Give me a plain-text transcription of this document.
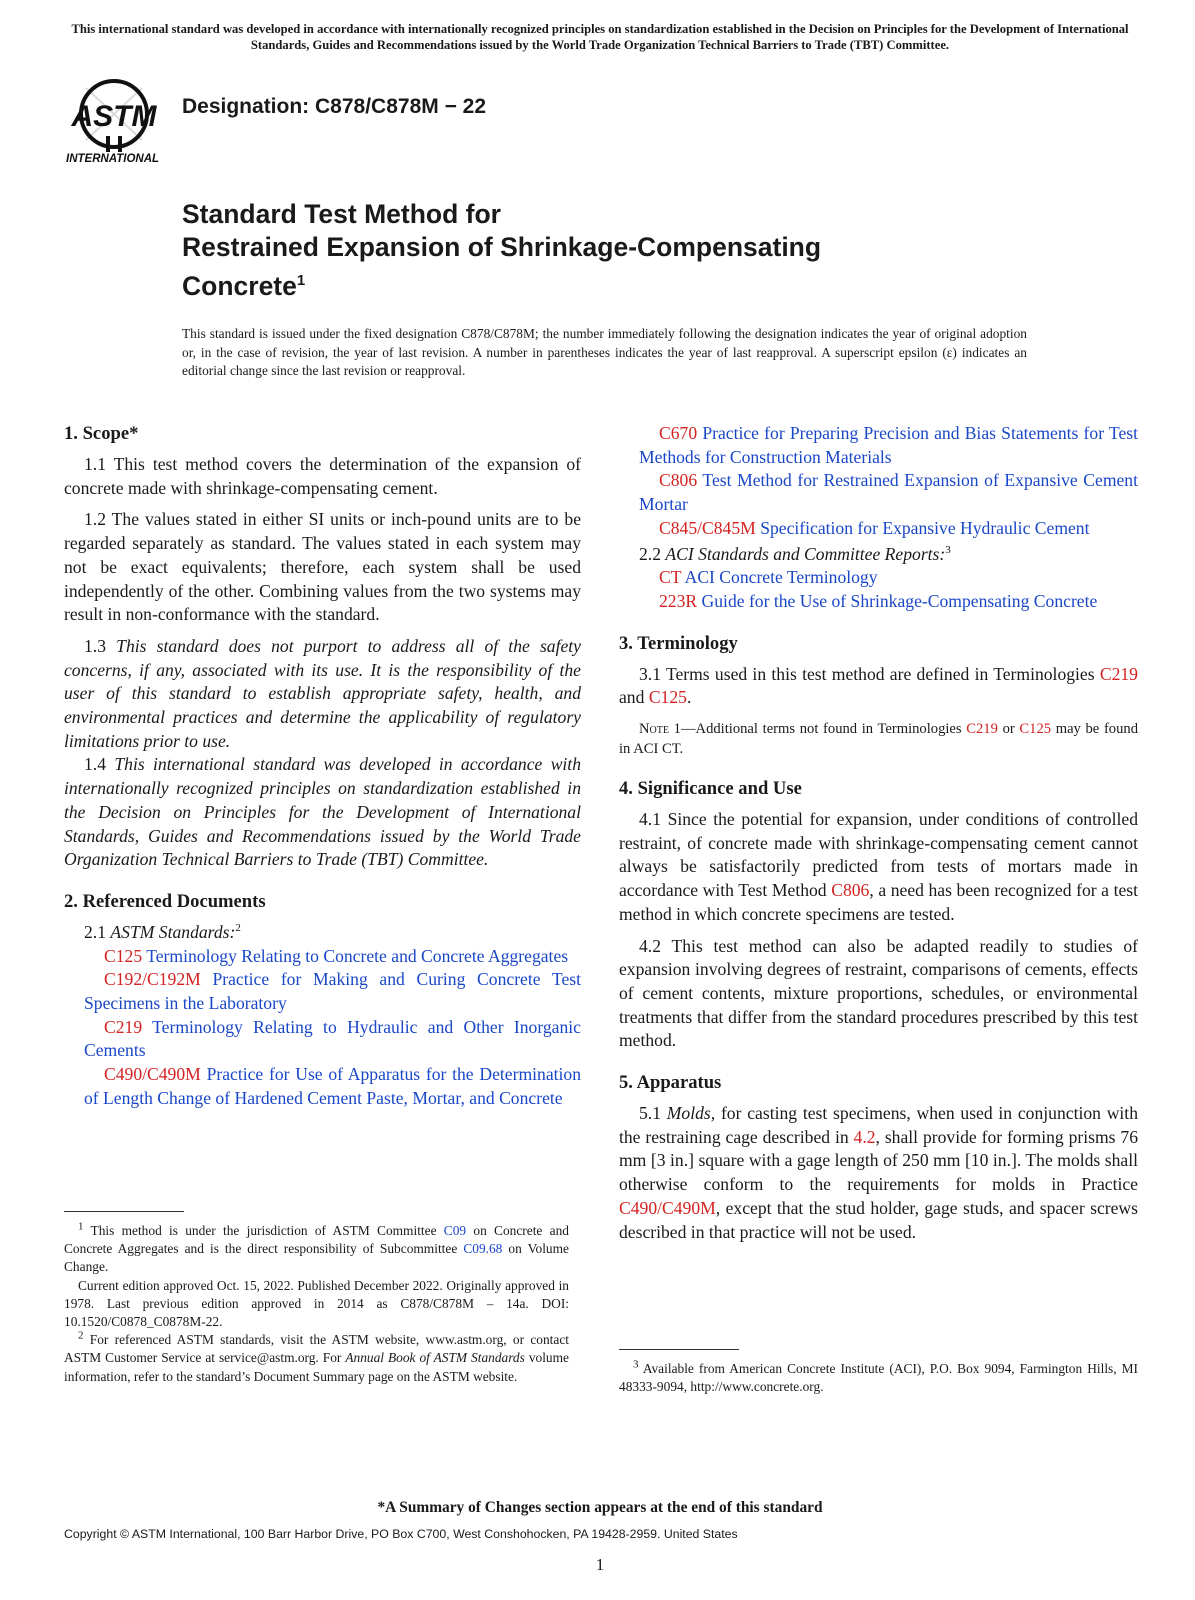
This international standard was developed in accordance with internationally recognized principles on standardization established in the Decision on Principles for the Development of International Standards, Guides and Recommendations issued by the World Trade Organization Technical Barriers to Trade (TBT) Committee.
ASTM
INTERNATIONAL
Designation: C878/C878M − 22
Standard Test Method for
Restrained Expansion of Shrinkage-Compensating
Concrete$^1$
This standard is issued under the fixed designation C878/C878M; the number immediately following the designation indicates the year of original adoption or, in the case of revision, the year of last revision. A number in parentheses indicates the year of last reapproval. A superscript epsilon (ε) indicates an editorial change since the last revision or reapproval.
1. Scope*

1.1 This test method covers the determination of the expansion of concrete made with shrinkage-compensating cement.

1.2 The values stated in either SI units or inch-pound units are to be regarded separately as standard. The values stated in each system may not be exact equivalents; therefore, each system shall be used independently of the other. Combining values from the two systems may result in non-conformance with the standard.

1.3 This standard does not purport to address all of the safety concerns, if any, associated with its use. It is the responsibility of the user of this standard to establish appropriate safety, health, and environmental practices and determine the applicability of regulatory limitations prior to use.

1.4 This international standard was developed in accordance with internationally recognized principles on standardization established in the Decision on Principles for the Development of International Standards, Guides and Recommendations issued by the World Trade Organization Technical Barriers to Trade (TBT) Committee.

2. Referenced Documents

2.1 ASTM Standards:$^2$

C125 Terminology Relating to Concrete and Concrete Aggregates

C192/C192M Practice for Making and Curing Concrete Test Specimens in the Laboratory

C219 Terminology Relating to Hydraulic and Other Inorganic Cements

C490/C490M Practice for Use of Apparatus for the Determination of Length Change of Hardened Cement Paste, Mortar, and Concrete

$^1$ This method is under the jurisdiction of ASTM Committee C09 on Concrete and Concrete Aggregates and is the direct responsibility of Subcommittee C09.68 on Volume Change.

Current edition approved Oct. 15, 2022. Published December 2022. Originally approved in 1978. Last previous edition approved in 2014 as C878/C878M – 14a. DOI: 10.1520/C0878_C0878M-22.

$^2$ For referenced ASTM standards, visit the ASTM website, www.astm.org, or contact ASTM Customer Service at service@astm.org. For Annual Book of ASTM Standards volume information, refer to the standard’s Document Summary page on the ASTM website.

C670 Practice for Preparing Precision and Bias Statements for Test Methods for Construction Materials

C806 Test Method for Restrained Expansion of Expansive Cement Mortar

C845/C845M Specification for Expansive Hydraulic Cement

2.2 ACI Standards and Committee Reports:$^3$

CT ACI Concrete Terminology

223R Guide for the Use of Shrinkage-Compensating Concrete

3. Terminology

3.1 Terms used in this test method are defined in Terminologies C219 and C125.

Note 1—Additional terms not found in Terminologies C219 or C125 may be found in ACI CT.

4. Significance and Use

4.1 Since the potential for expansion, under conditions of controlled restraint, of concrete made with shrinkage-compensating cement cannot always be satisfactorily predicted from tests of mortars made in accordance with Test Method C806, a need has been recognized for a test method in which concrete specimens are tested.

4.2 This test method can also be adapted readily to studies of expansion involving degrees of restraint, comparisons of cements, effects of cement contents, mixture proportions, schedules, or environmental treatments that differ from the standard procedures prescribed by this test method.

5. Apparatus

5.1 Molds, for casting test specimens, when used in conjunction with the restraining cage described in 4.2, shall provide for forming prisms 76 mm [3 in.] square with a gage length of 250 mm [10 in.]. The molds shall otherwise conform to the requirements for molds in Practice C490/C490M, except that the stud holder, gage studs, and spacer screws described in that practice will not be used.

$^3$ Available from American Concrete Institute (ACI), P.O. Box 9094, Farmington Hills, MI 48333-9094, http://www.concrete.org.

*A Summary of Changes section appears at the end of this standard
Copyright © ASTM International, 100 Barr Harbor Drive, PO Box C700, West Conshohocken, PA 19428-2959. United States
1
